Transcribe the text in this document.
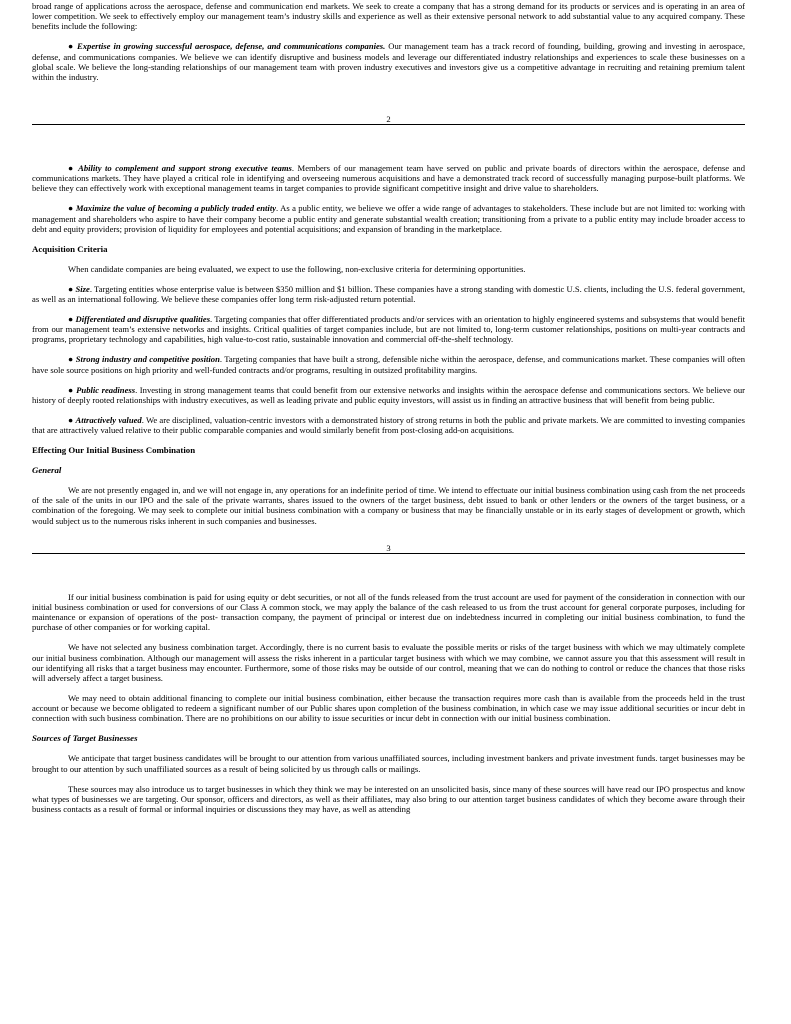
broad range of applications across the aerospace, defense and communication end markets. We seek to create a company that has a strong demand for its products or services and is operating in an area of lower competition. We seek to effectively employ our management team’s industry skills and experience as well as their extensive personal network to add substantial value to any acquired company. These benefits include the following:

● Expertise in growing successful aerospace, defense, and communications companies. Our management team has a track record of founding, building, growing and investing in aerospace, defense, and communications companies. We believe we can identify disruptive and business models and leverage our differentiated industry relationships and experiences to scale these businesses on a global scale. We believe the long-standing relationships of our management team with proven industry executives and investors give us a competitive advantage in recruiting and retaining premium talent within the industry.

2

● Ability to complement and support strong executive teams. Members of our management team have served on public and private boards of directors within the aerospace, defense and communications markets. They have played a critical role in identifying and overseeing numerous acquisitions and have a demonstrated track record of successfully managing purpose-built platforms. We believe they can effectively work with exceptional management teams in target companies to provide significant competitive insight and drive value to shareholders.

● Maximize the value of becoming a publicly traded entity. As a public entity, we believe we offer a wide range of advantages to stakeholders. These include but are not limited to: working with management and shareholders who aspire to have their company become a public entity and generate substantial wealth creation; transitioning from a private to a public entity may include broader access to debt and equity providers; provision of liquidity for employees and potential acquisitions; and expansion of branding in the marketplace.

Acquisition Criteria

When candidate companies are being evaluated, we expect to use the following, non-exclusive criteria for determining opportunities.

● Size. Targeting entities whose enterprise value is between $350 million and $1 billion. These companies have a strong standing with domestic U.S. clients, including the U.S. federal government, as well as an international following. We believe these companies offer long term risk-adjusted return potential.

● Differentiated and disruptive qualities. Targeting companies that offer differentiated products and/or services with an orientation to highly engineered systems and subsystems that would benefit from our management team’s extensive networks and insights. Critical qualities of target companies include, but are not limited to, long-term customer relationships, positions on multi-year contracts and programs, proprietary technology and capabilities, high value-to-cost ratio, sustainable innovation and commercial off-the-shelf technology.

● Strong industry and competitive position. Targeting companies that have built a strong, defensible niche within the aerospace, defense, and communications market. These companies will often have sole source positions on high priority and well-funded contracts and/or programs, resulting in outsized profitability margins.

● Public readiness. Investing in strong management teams that could benefit from our extensive networks and insights within the aerospace defense and communications sectors. We believe our history of deeply rooted relationships with industry executives, as well as leading private and public equity investors, will assist us in finding an attractive business that will benefit from being public.

● Attractively valued. We are disciplined, valuation-centric investors with a demonstrated history of strong returns in both the public and private markets. We are committed to investing companies that are attractively valued relative to their public comparable companies and would similarly benefit from post-closing add-on acquisitions.

Effecting Our Initial Business Combination

General

We are not presently engaged in, and we will not engage in, any operations for an indefinite period of time. We intend to effectuate our initial business combination using cash from the net proceeds of the sale of the units in our IPO and the sale of the private warrants, shares issued to the owners of the target business, debt issued to bank or other lenders or the owners of the target business, or a combination of the foregoing. We may seek to complete our initial business combination with a company or business that may be financially unstable or in its early stages of development or growth, which would subject us to the numerous risks inherent in such companies and businesses.

3

If our initial business combination is paid for using equity or debt securities, or not all of the funds released from the trust account are used for payment of the consideration in connection with our initial business combination or used for conversions of our Class A common stock, we may apply the balance of the cash released to us from the trust account for general corporate purposes, including for maintenance or expansion of operations of the post- transaction company, the payment of principal or interest due on indebtedness incurred in completing our initial business combination, to fund the purchase of other companies or for working capital.

We have not selected any business combination target. Accordingly, there is no current basis to evaluate the possible merits or risks of the target business with which we may ultimately complete our initial business combination. Although our management will assess the risks inherent in a particular target business with which we may combine, we cannot assure you that this assessment will result in our identifying all risks that a target business may encounter. Furthermore, some of those risks may be outside of our control, meaning that we can do nothing to control or reduce the chances that those risks will adversely affect a target business.

We may need to obtain additional financing to complete our initial business combination, either because the transaction requires more cash than is available from the proceeds held in the trust account or because we become obligated to redeem a significant number of our Public shares upon completion of the business combination, in which case we may issue additional securities or incur debt in connection with such business combination. There are no prohibitions on our ability to issue securities or incur debt in connection with our initial business combination.

Sources of Target Businesses

We anticipate that target business candidates will be brought to our attention from various unaffiliated sources, including investment bankers and private investment funds. target businesses may be brought to our attention by such unaffiliated sources as a result of being solicited by us through calls or mailings.

These sources may also introduce us to target businesses in which they think we may be interested on an unsolicited basis, since many of these sources will have read our IPO prospectus and know what types of businesses we are targeting. Our sponsor, officers and directors, as well as their affiliates, may also bring to our attention target business candidates of which they become aware through their business contacts as a result of formal or informal inquiries or discussions they may have, as well as attending
